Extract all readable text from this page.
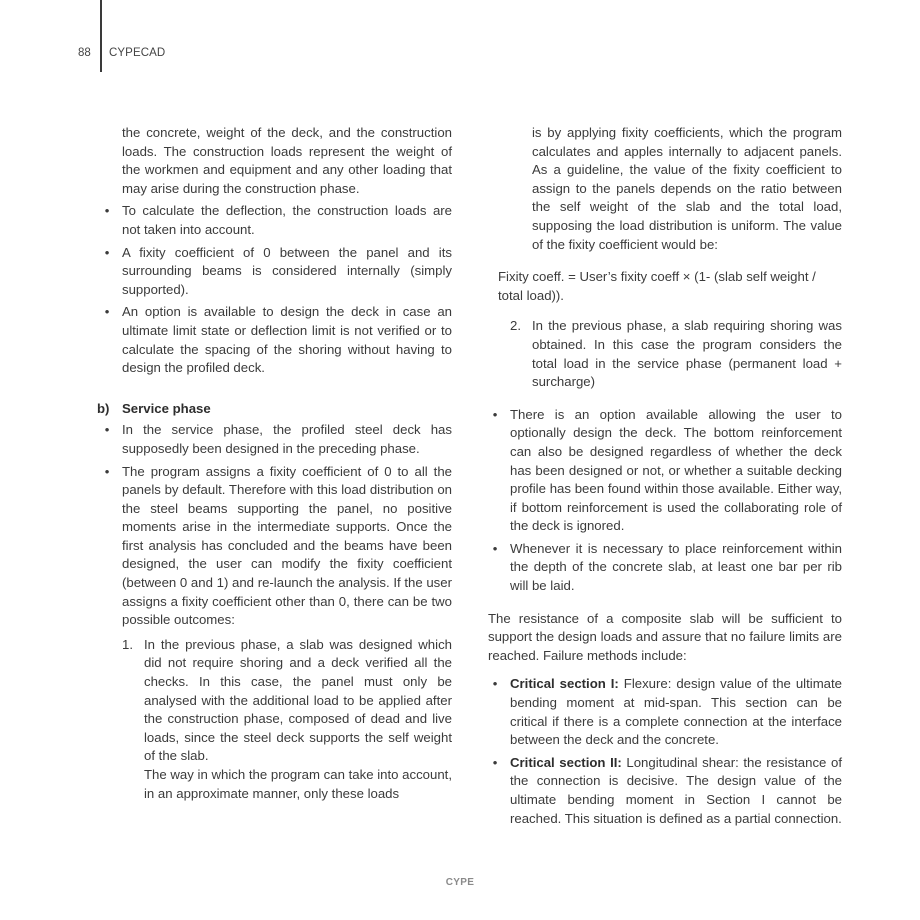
88 CYPECAD

the concrete, weight of the deck, and the construction loads. The construction loads represent the weight of the workmen and equipment and any other loading that may arise during the construction phase.

• To calculate the deflection, the construction loads are not taken into account.
• A fixity coefficient of 0 between the panel and its surrounding beams is considered internally (simply supported).
• An option is available to design the deck in case an ultimate limit state or deflection limit is not verified or to calculate the spacing of the shoring without having to design the profiled deck.
b) Service phase
• In the service phase, the profiled steel deck has supposedly been designed in the preceding phase.
• The program assigns a fixity coefficient of 0 to all the panels by default. Therefore with this load distribution on the steel beams supporting the panel, no positive moments arise in the intermediate supports. Once the first analysis has concluded and the beams have been designed, the user can modify the fixity coefficient (between 0 and 1) and re-launch the analysis. If the user assigns a fixity coefficient other than 0, there can be two possible outcomes:
1. In the previous phase, a slab was designed which did not require shoring and a deck verified all the checks. In this case, the panel must only be analysed with the additional load to be applied after the construction phase, composed of dead and live loads, since the steel deck supports the self weight of the slab.

The way in which the program can take into account, in an approximate manner, only these loads

is by applying fixity coefficients, which the program calculates and apples internally to adjacent panels. As a guideline, the value of the fixity coefficient to assign to the panels depends on the ratio between the self weight of the slab and the total load, supposing the load distribution is uniform. The value of the fixity coefficient would be:

Fixity coeff. = User’s fixity coeff × (1- (slab self weight / total load)).

2. In the previous phase, a slab requiring shoring was obtained. In this case the program considers the total load in the service phase (permanent load + surcharge)

• There is an option available allowing the user to optionally design the deck. The bottom reinforcement can also be designed regardless of whether the deck has been designed or not, or whether a suitable decking profile has been found within those available. Either way, if bottom reinforcement is used the collaborating role of the deck is ignored.
• Whenever it is necessary to place reinforcement within the depth of the concrete slab, at least one bar per rib will be laid.

The resistance of a composite slab will be sufficient to support the design loads and assure that no failure limits are reached. Failure methods include:

• Critical section I: Flexure: design value of the ultimate bending moment at mid-span. This section can be critical if there is a complete connection at the interface between the deck and the concrete.
• Critical section II: Longitudinal shear: the resistance of the connection is decisive. The design value of the ultimate bending moment in Section I cannot be reached. This situation is defined as a partial connection.
CYPE
